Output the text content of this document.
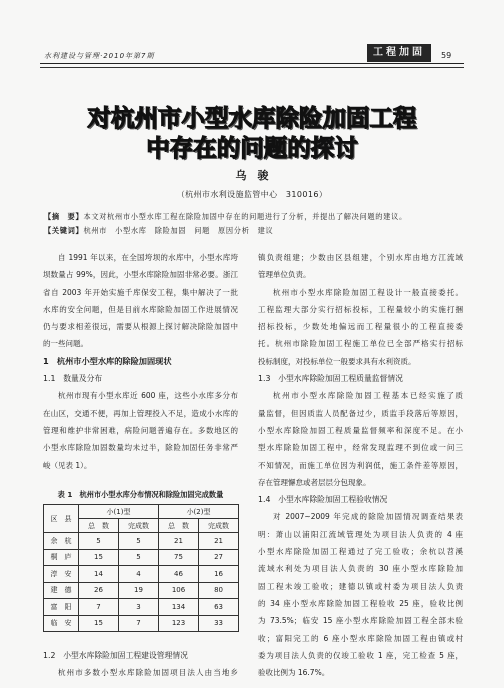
水利建设与管理·2010年第7期	工程加固	59
对杭州市小型水库除险加固工程
中存在的问题的探讨
乌　骏
（杭州市水利设施监管中心　310016）
【摘　要】本文对杭州市小型水库工程在除险加固中存在的问题进行了分析，并提出了解决问题的建议。
【关键词】杭州市 小型水库 除险加固 问题 原因分析 建议
自 1991 年以来，在全国垮坝的水库中，小型水库垮
坝数量占 99%，因此，小型水库除险加固非常必要。浙江
省自 2003 年开始实施千库保安工程，集中解决了一批
水库的安全问题，但是目前水库除险加固工作进展情况
仍与要求相差很远，需要从根源上探讨解决除险加固中
的一些问题。
1　杭州市小型水库的除险加固现状
1.1　数量及分布
杭州市现有小型水库近 600 座，这些小水库多分布
在山区，交通不便，再加上管理投入不足，造成小水库的
管理和维护非常困难，病险问题普遍存在。多数地区的
小型水库除险加固数量均未过半，除险加固任务非常严
峻（见表 1）。
表 1　杭州市小型水库分布情况和除险加固完成数量
区　县	小(1)型		小(2)型	
	总　数	完成数	总　数	完成数
余　杭	5	5	21	21
桐　庐	15	5	75	27
淳　安	14	4	46	16
建　德	26	19	106	80
富　阳	7	3	134	63
临　安	15	7	123	33
1.2　小型水库除险加固工程建设管理情况
杭州市多数小型水库除险加固项目法人由当地乡
镇负责组建；少数由区县组建，个别水库由地方江流域
管理单位负责。
杭州市小型水库除险加固工程设计一般直接委托。
工程监理大部分实行招标投标，工程量较小的实施打捆
招标投标，少数处地偏远而工程量很小的工程直接委
托。杭州市除险加固工程施工单位已全部严格实行招标
投标制度，对投标单位一般要求具有水利资质。
1.3　小型水库除险加固工程质量监督情况
杭州市小型水库除险加固工程基本已经实施了质
量监督，但因质监人员配备过少，质监手段落后等原因，
小型水库除险加固工程质量监督频率和深度不足。在小
型水库除险加固工程中，经常发现监理不到位或一问三
不知情况，而施工单位因为利润低，施工条件差等原因，
存在管理懈怠或者层层分包现象。
1.4　小型水库除险加固工程验收情况
对 2007~2009 年完成的除险加固情况调查结果表
明：萧山以浦阳江流域管理处为项目法人负责的 4 座
小型水库除险加固工程通过了完工验收；余杭以苕溪
流域水利处为项目法人负责的 30 座小型水库除险加
固工程未竣工验收；建德以镇或村委为项目法人负责
的 34 座小型水库除险加固工程验收 25 座，验收比例
为 73.5%；临安 15 座小型水库除险加固工程全部未验
收；富阳完工的 6 座小型水库除险加固工程由镇或村
委为项目法人负责的仅竣工验收 1 座，完工检查 5 座，
验收比例为 16.7%。
